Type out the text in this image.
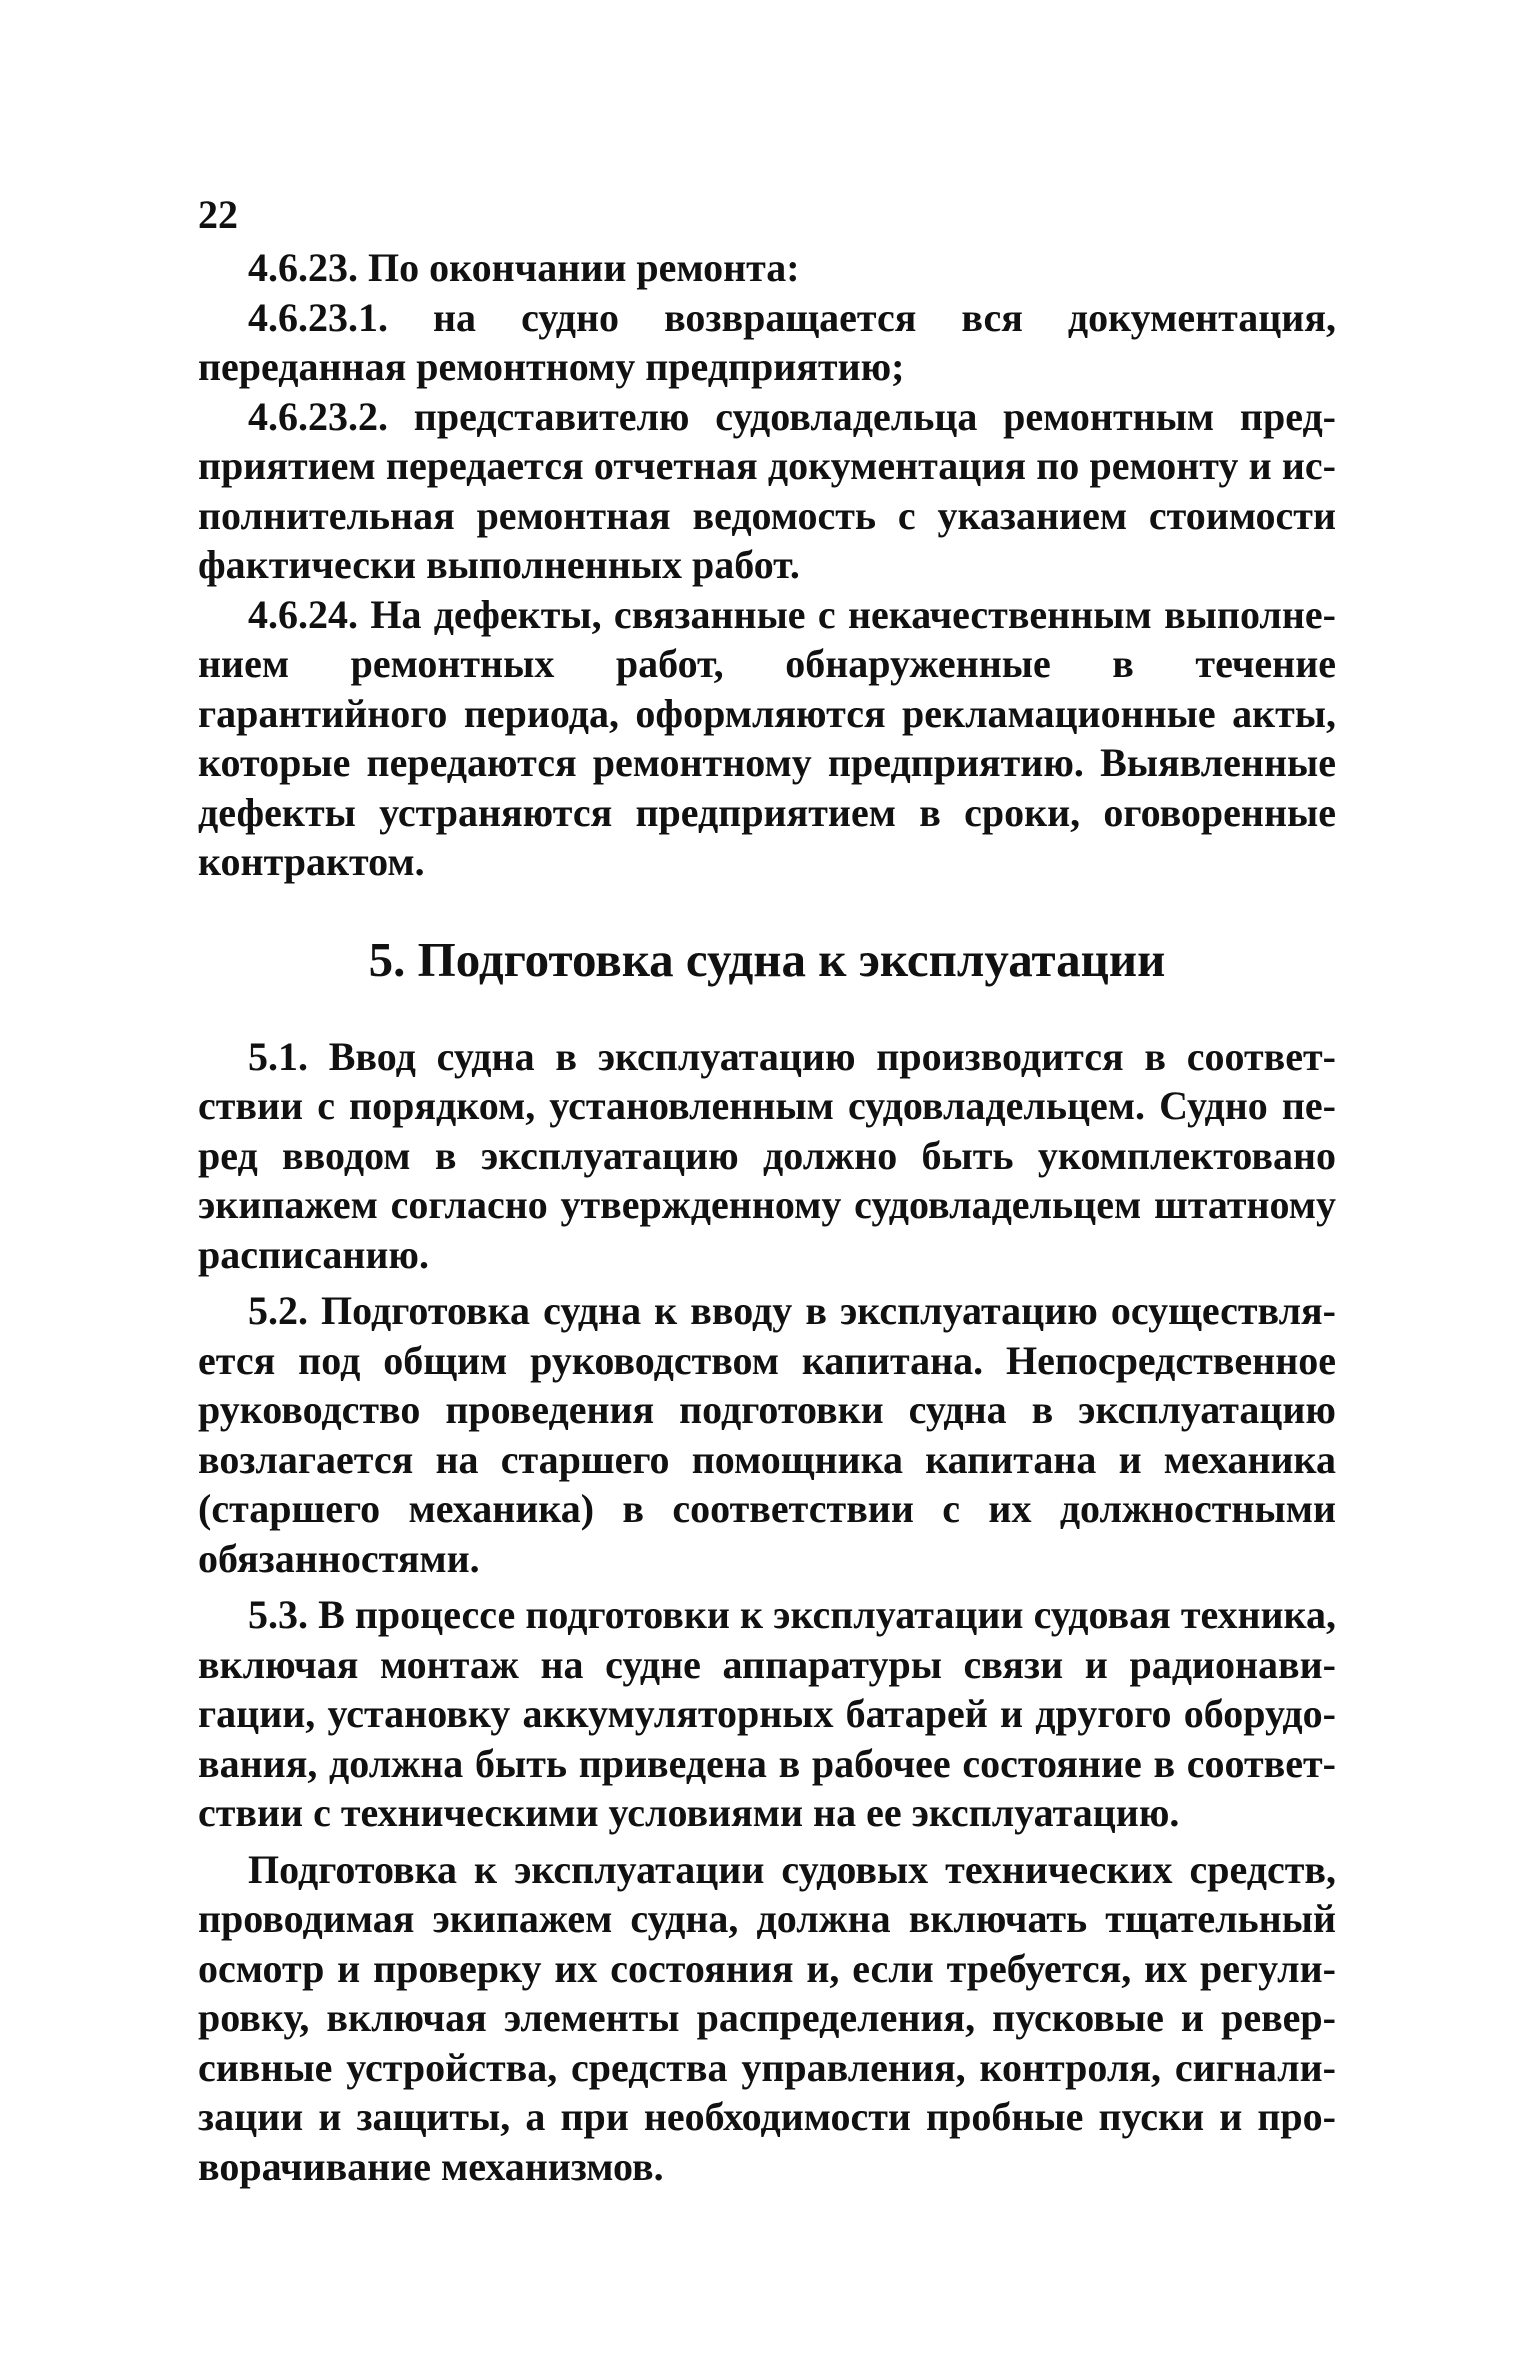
22

4.6.23. По окончании ремонта:

4.6.23.1. на судно возвращается вся документация, переданная ремонтному предприятию;

4.6.23.2. представителю судовладельца ремонтным предприятием передается отчетная документация по ремонту и исполнительная ремонтная ведомость с указанием стоимости фактически выполненных работ.

4.6.24. На дефекты, связанные с некачественным выполнением ремонтных работ, обнаруженные в течение гарантийного периода, оформляются рекламационные акты, которые передаются ремонтному предприятию. Выявленные дефекты устраняются предприятием в сроки, оговоренные контрактом.

5. Подготовка судна к эксплуатации

5.1. Ввод судна в эксплуатацию производится в соответствии с порядком, установленным судовладельцем. Судно перед вводом в эксплуатацию должно быть укомплектовано экипажем согласно утвержденному судовладельцем штатному расписанию.

5.2. Подготовка судна к вводу в эксплуатацию осуществляется под общим руководством капитана. Непосредственное руководство проведения подготовки судна в эксплуатацию возлагается на старшего помощника капитана и механика (старшего механика) в соответствии с их должностными обязанностями.

5.3. В процессе подготовки к эксплуатации судовая техника, включая монтаж на судне аппаратуры связи и радионавигации, установку аккумуляторных батарей и другого оборудования, должна быть приведена в рабочее состояние в соответствии с техническими условиями на ее эксплуатацию.

Подготовка к эксплуатации судовых технических средств, проводимая экипажем судна, должна включать тщательный осмотр и проверку их состояния и, если требуется, их регулировку, включая элементы распределения, пусковые и реверсивные устройства, средства управления, контроля, сигнализации и защиты, а при необходимости пробные пуски и проворачивание механизмов.
